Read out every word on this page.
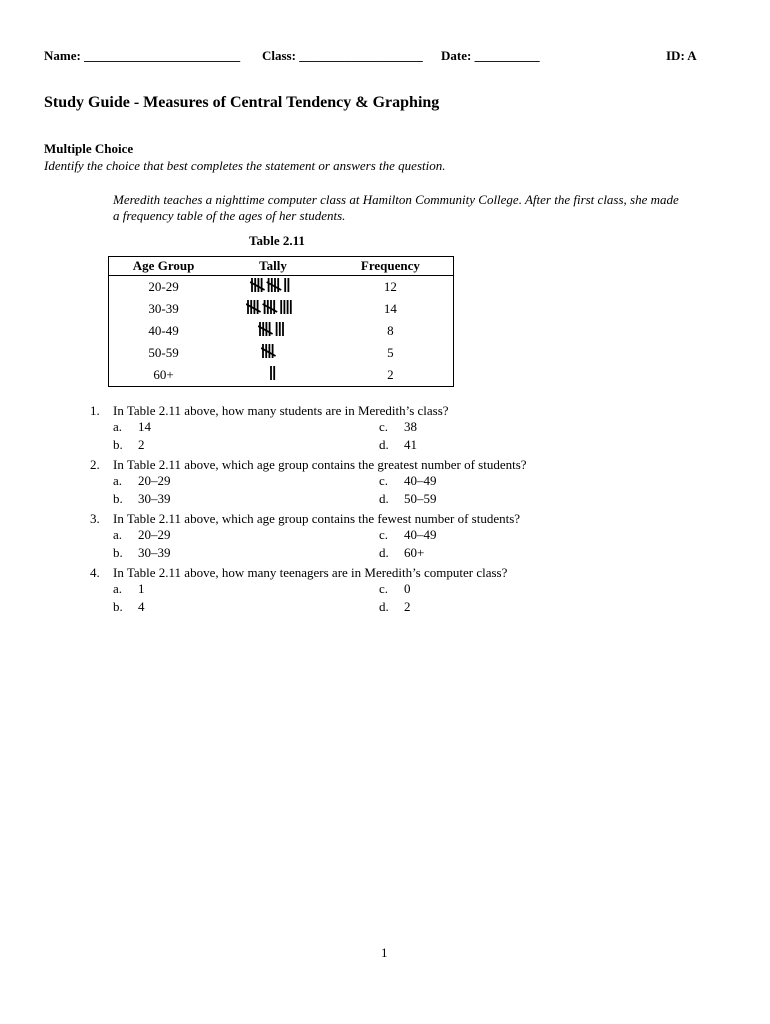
Name: ________________________ Class: ___________________ Date: __________	ID: A
Study Guide - Measures of Central Tendency & Graphing
Multiple Choice
Identify the choice that best completes the statement or answers the question.
Meredith teaches a nighttime computer class at Hamilton Community College. After the first class, she made
a frequency table of the ages of her students.
Table 2.11
Age Group	Tally	Frequency
20-29		12
30-39		14
40-49		8
50-59		5
60+		2
1. In Table 2.11 above, how many students are in Meredith’s class?
a. 14	c. 38
b. 2	d. 41
2. In Table 2.11 above, which age group contains the greatest number of students?
a. 20–29	c. 40–49
b. 30–39	d. 50–59
3. In Table 2.11 above, which age group contains the fewest number of students?
a. 20–29	c. 40–49
b. 30–39	d. 60+
4. In Table 2.11 above, how many teenagers are in Meredith’s computer class?
a. 1	c. 0
b. 4	d. 2
1
